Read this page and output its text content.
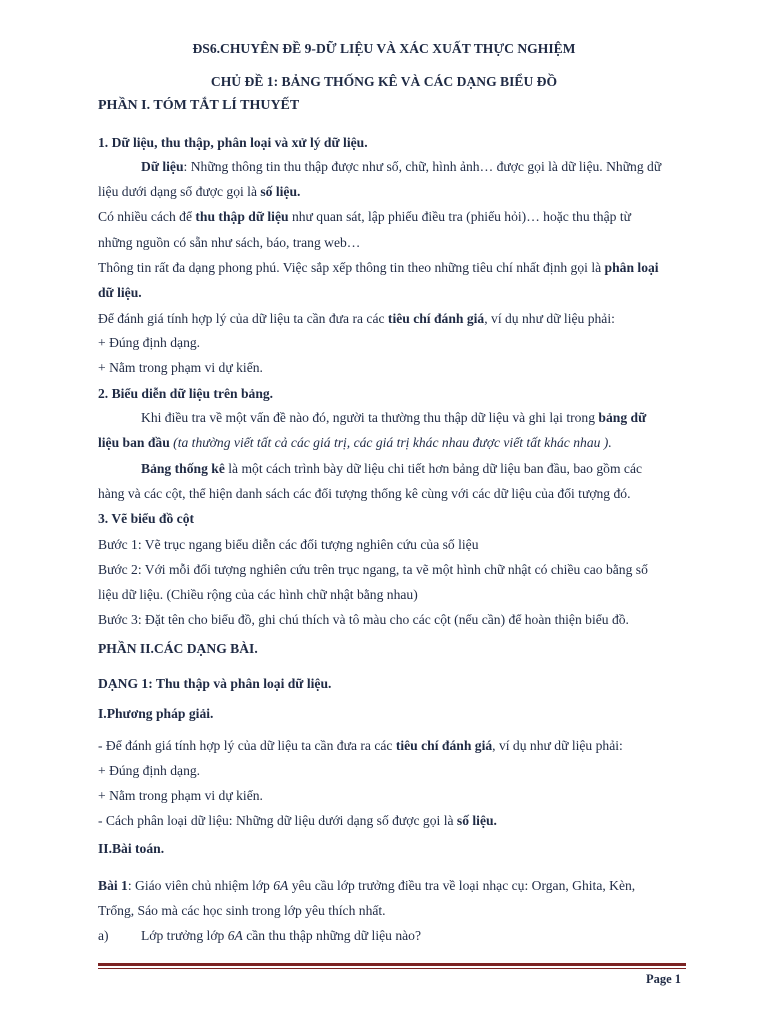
ĐS6.CHUYÊN ĐỀ 9-DỮ LIỆU VÀ XÁC XUẤT THỰC NGHIỆM
CHỦ ĐỀ 1: BẢNG THỐNG KÊ VÀ CÁC DẠNG BIỂU ĐỒ
PHẦN I. TÓM TẮT LÍ THUYẾT
1. Dữ liệu, thu thập, phân loại và xử lý dữ liệu.
Dữ liệu: Những thông tin thu thập được như số, chữ, hình ảnh… được gọi là dữ liệu. Những dữ
liệu dưới dạng số được gọi là số liệu.
Có nhiều cách để thu thập dữ liệu như quan sát, lập phiếu điều tra (phiếu hỏi)… hoặc thu thập từ
những nguồn có sẵn như sách, báo, trang web…
Thông tin rất đa dạng phong phú. Việc sắp xếp thông tin theo những tiêu chí nhất định gọi là phân loại
dữ liệu.
Để đánh giá tính hợp lý của dữ liệu ta cần đưa ra các tiêu chí đánh giá, ví dụ như dữ liệu phải:
+ Đúng định dạng.
+ Nằm trong phạm vi dự kiến.
2. Biểu diễn dữ liệu trên bảng.
Khi điều tra về một vấn đề nào đó, người ta thường thu thập dữ liệu và ghi lại trong bảng dữ
liệu ban đầu (ta thường viết tất cả các giá trị, các giá trị khác nhau được viết tất khác nhau ).
Bảng thống kê là một cách trình bày dữ liệu chi tiết hơn bảng dữ liệu ban đầu, bao gồm các
hàng và các cột, thể hiện danh sách các đối tượng thống kê cùng với các dữ liệu của đối tượng đó.
3. Vẽ biểu đồ cột
Bước 1: Vẽ trục ngang biểu diễn các đối tượng nghiên cứu của số liệu
Bước 2: Với mỗi đối tượng nghiên cứu trên trục ngang, ta vẽ một hình chữ nhật có chiều cao bằng số
liệu dữ liệu. (Chiều rộng của các hình chữ nhật bằng nhau)
Bước 3: Đặt tên cho biểu đồ, ghi chú thích và tô màu cho các cột (nếu cần) để hoàn thiện biểu đồ.
PHẦN II.CÁC DẠNG BÀI.
DẠNG 1: Thu thập và phân loại dữ liệu.
I.Phương pháp giải.
- Để đánh giá tính hợp lý của dữ liệu ta cần đưa ra các tiêu chí đánh giá, ví dụ như dữ liệu phải:
+ Đúng định dạng.
+ Nằm trong phạm vi dự kiến.
- Cách phân loại dữ liệu: Những dữ liệu dưới dạng số được gọi là số liệu.
II.Bài toán.
Bài 1: Giáo viên chủ nhiệm lớp 6A yêu cầu lớp trưởng điều tra về loại nhạc cụ: Organ, Ghita, Kèn,
Trống, Sáo mà các học sinh trong lớp yêu thích nhất.
a) Lớp trưởng lớp 6A cần thu thập những dữ liệu nào?
Page 1
